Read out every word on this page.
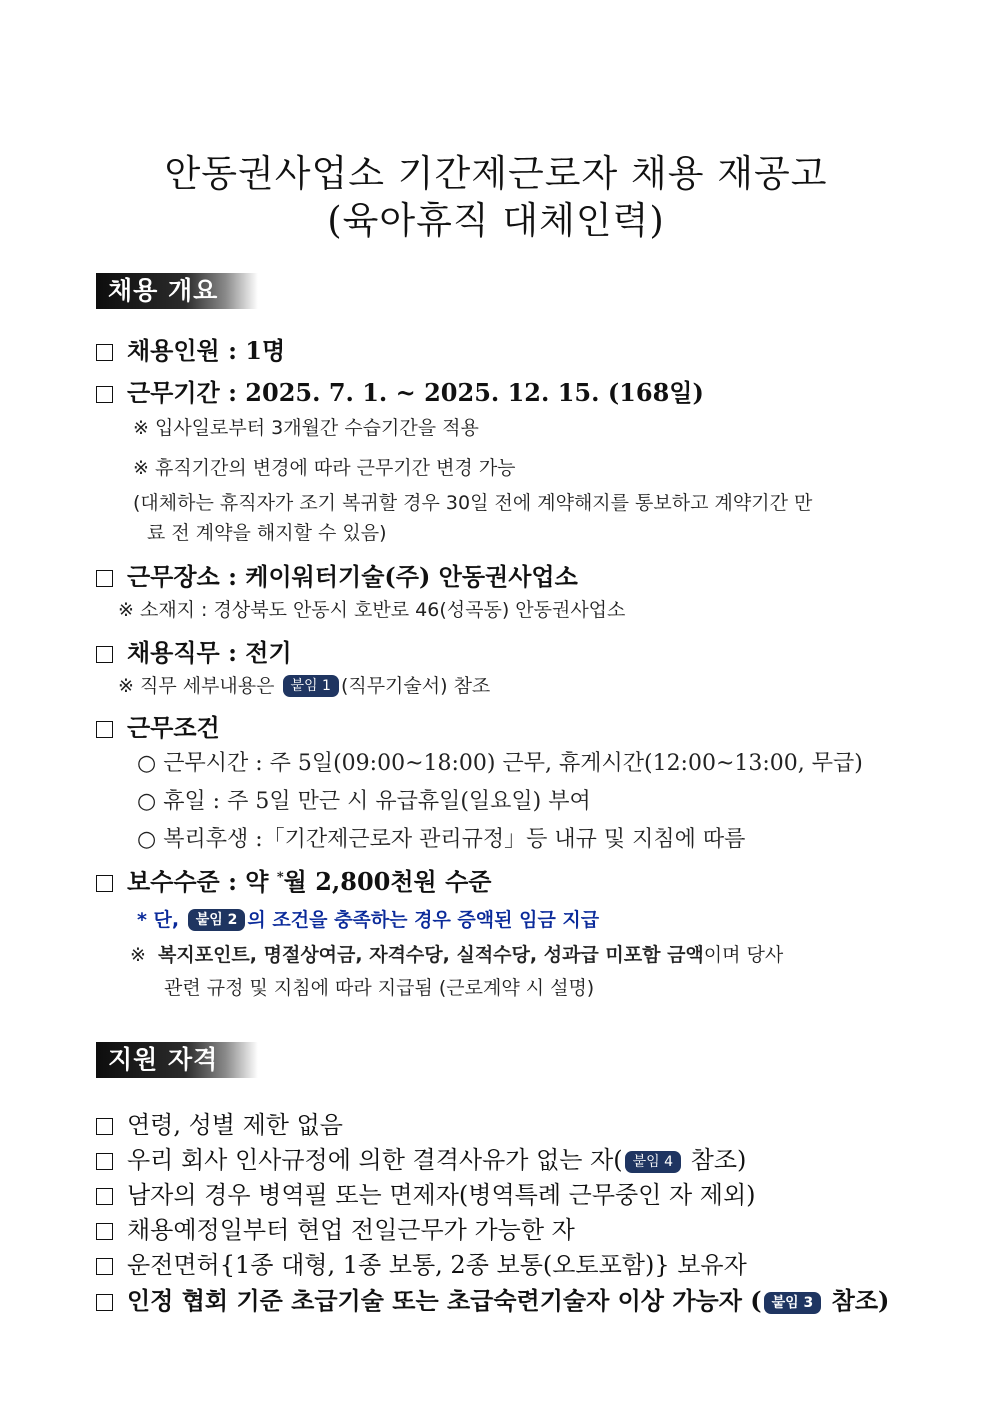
안동권사업소 기간제근로자 채용 재공고
(육아휴직 대체인력)
채용 개요
채용인원 : 1명
근무기간 : 2025. 7. 1. ~ 2025. 12. 15. (168일)
※ 입사일로부터 3개월간 수습기간을 적용
※ 휴직기간의 변경에 따라 근무기간 변경 가능
(대체하는 휴직자가 조기 복귀할 경우 30일 전에 계약해지를 통보하고 계약기간 만
료 전 계약을 해지할 수 있음)
근무장소 : 케이워터기술(주) 안동권사업소
※ 소재지 : 경상북도 안동시 호반로 46(성곡동) 안동권사업소
채용직무 : 전기
※ 직무 세부내용은 붙임 1 (직무기술서) 참조
근무조건
○ 근무시간 : 주 5일(09:00~18:00) 근무, 휴게시간(12:00~13:00, 무급)
○ 휴일 : 주 5일 만근 시 유급휴일(일요일) 부여
○ 복리후생 :「기간제근로자 관리규정」등 내규 및 지침에 따름
보수수준 : 약 *월 2,800천원 수준
* 단, 붙임 2 의 조건을 충족하는 경우 증액된 임금 지급
※ 복지포인트, 명절상여금, 자격수당, 실적수당, 성과급 미포함 금액이며 당사
관련 규정 및 지침에 따라 지급됨 (근로계약 시 설명)
지원 자격
연령, 성별 제한 없음
우리 회사 인사규정에 의한 결격사유가 없는 자( 붙임 4 참조)
남자의 경우 병역필 또는 면제자(병역특례 근무중인 자 제외)
채용예정일부터 현업 전일근무가 가능한 자
운전면허{1종 대형, 1종 보통, 2종 보통(오토포함)} 보유자
인정 협회 기준 초급기술 또는 초급숙련기술자 이상 가능자 ( 붙임 3 참조)
